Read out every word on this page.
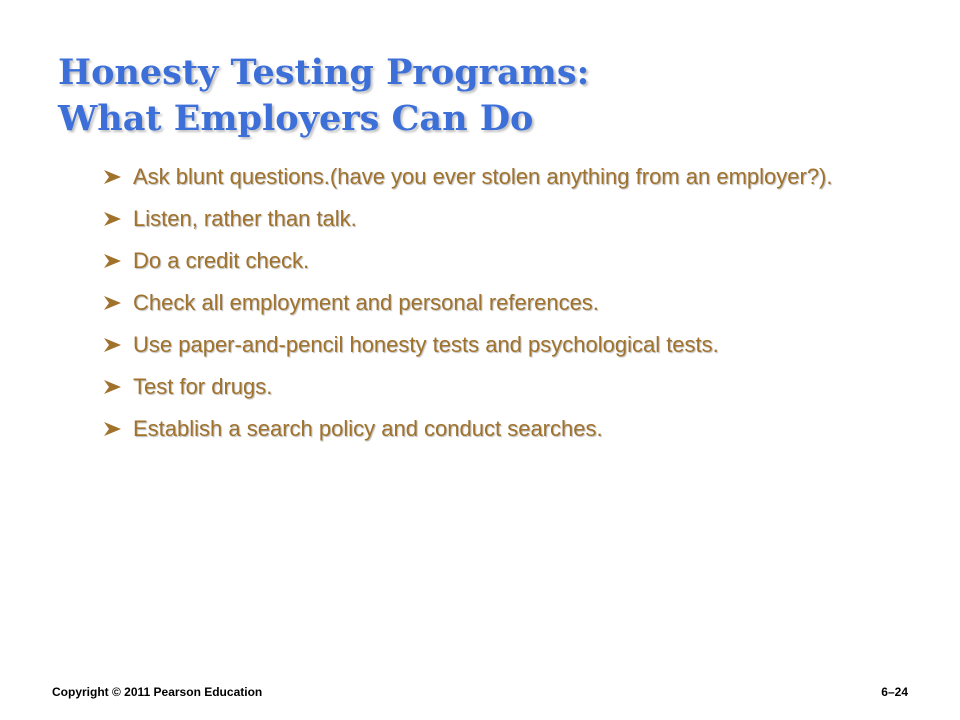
Honesty Testing Programs:
What Employers Can Do
Ask blunt questions.(have you ever stolen anything from an employer?).
Listen, rather than talk.
Do a credit check.
Check all employment and personal references.
Use paper-and-pencil honesty tests and psychological tests.
Test for drugs.
Establish a search policy and conduct searches.
Copyright © 2011 Pearson Education	6–24
